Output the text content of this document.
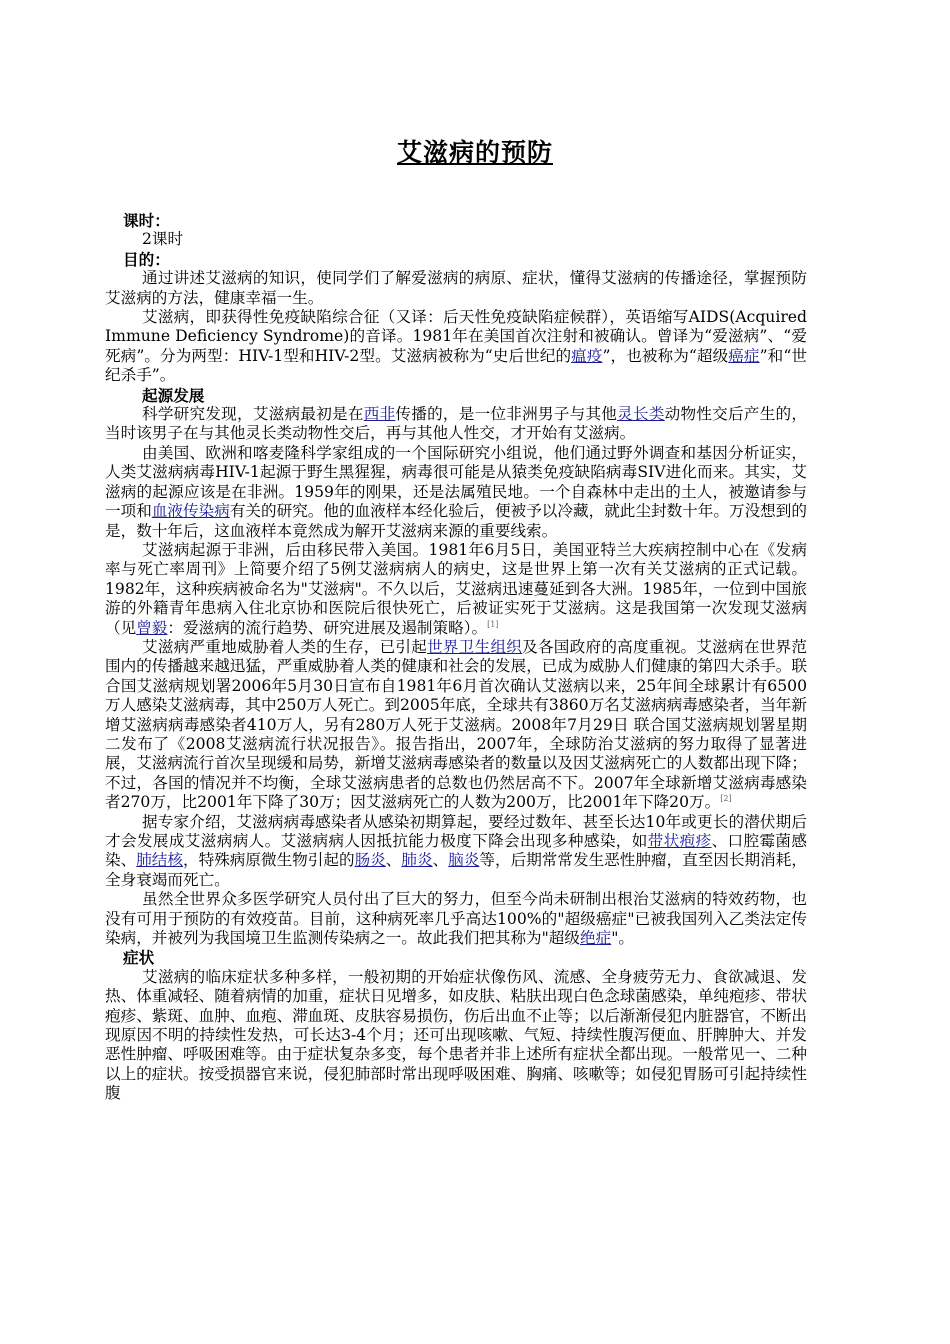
艾滋病的预防

课时：

2课时

目的：

通过讲述艾滋病的知识，使同学们了解爱滋病的病原、症状，懂得艾滋病的传播途径，掌握预防艾滋病的方法，健康幸福一生。

艾滋病，即获得性免疫缺陷综合征（又译：后天性免疫缺陷症候群），英语缩写AIDS(Acquired Immune Deficiency Syndrome)的音译。1981年在美国首次注射和被确认。曾译为“爱滋病”、“爱死病”。分为两型：HIV-1型和HIV-2型。艾滋病被称为“史后世纪的瘟疫”，也被称为“超级癌症”和“世纪杀手”。

起源发展

科学研究发现，艾滋病最初是在西非传播的，是一位非洲男子与其他灵长类动物性交后产生的，当时该男子在与其他灵长类动物性交后，再与其他人性交，才开始有艾滋病。

由美国、欧洲和喀麦隆科学家组成的一个国际研究小组说，他们通过野外调查和基因分析证实，人类艾滋病病毒HIV-1起源于野生黑猩猩，病毒很可能是从猿类免疫缺陷病毒SIV进化而来。其实，艾滋病的起源应该是在非洲。1959年的刚果，还是法属殖民地。一个自森林中走出的土人，被邀请参与一项和血液传染病有关的研究。他的血液样本经化验后，便被予以冷藏，就此尘封数十年。万没想到的是，数十年后，这血液样本竟然成为解开艾滋病来源的重要线索。

艾滋病起源于非洲，后由移民带入美国。1981年6月5日，美国亚特兰大疾病控制中心在《发病率与死亡率周刊》上简要介绍了5例艾滋病病人的病史，这是世界上第一次有关艾滋病的正式记载。1982年，这种疾病被命名为"艾滋病"。不久以后，艾滋病迅速蔓延到各大洲。1985年，一位到中国旅游的外籍青年患病入住北京协和医院后很快死亡，后被证实死于艾滋病。这是我国第一次发现艾滋病（见曾毅：爱滋病的流行趋势、研究进展及遏制策略）。[1]

艾滋病严重地威胁着人类的生存，已引起世界卫生组织及各国政府的高度重视。艾滋病在世界范围内的传播越来越迅猛，严重威胁着人类的健康和社会的发展，已成为威胁人们健康的第四大杀手。联合国艾滋病规划署2006年5月30日宣布自1981年6月首次确认艾滋病以来，25年间全球累计有6500万人感染艾滋病毒，其中250万人死亡。到2005年底，全球共有3860万名艾滋病病毒感染者，当年新增艾滋病病毒感染者410万人，另有280万人死于艾滋病。2008年7月29日 联合国艾滋病规划署星期二发布了《2008艾滋病流行状况报告》。报告指出，2007年，全球防治艾滋病的努力取得了显著进展，艾滋病流行首次呈现缓和局势，新增艾滋病毒感染者的数量以及因艾滋病死亡的人数都出现下降；不过，各国的情况并不均衡，全球艾滋病患者的总数也仍然居高不下。2007年全球新增艾滋病毒感染者270万，比2001年下降了30万；因艾滋病死亡的人数为200万，比2001年下降20万。[2]

据专家介绍，艾滋病病毒感染者从感染初期算起，要经过数年、甚至长达10年或更长的潜伏期后才会发展成艾滋病病人。艾滋病病人因抵抗能力极度下降会出现多种感染，如带状疱疹、口腔霉菌感染、肺结核，特殊病原微生物引起的肠炎、肺炎、脑炎等，后期常常发生恶性肿瘤，直至因长期消耗，全身衰竭而死亡。

虽然全世界众多医学研究人员付出了巨大的努力，但至今尚未研制出根治艾滋病的特效药物，也没有可用于预防的有效疫苗。目前，这种病死率几乎高达100%的"超级癌症"已被我国列入乙类法定传染病，并被列为我国境卫生监测传染病之一。故此我们把其称为"超级绝症"。

症状

艾滋病的临床症状多种多样，一般初期的开始症状像伤风、流感、全身疲劳无力、食欲减退、发热、体重减轻、随着病情的加重，症状日见增多，如皮肤、粘肤出现白色念球菌感染，单纯疱疹、带状疱疹、紫斑、血肿、血疱、滞血斑、皮肤容易损伤，伤后出血不止等；以后渐渐侵犯内脏器官，不断出现原因不明的持续性发热，可长达3-4个月；还可出现咳嗽、气短、持续性腹泻便血、肝脾肿大、并发恶性肿瘤、呼吸困难等。由于症状复杂多变，每个患者并非上述所有症状全都出现。一般常见一、二种以上的症状。按受损器官来说，侵犯肺部时常出现呼吸困难、胸痛、咳嗽等；如侵犯胃肠可引起持续性腹
